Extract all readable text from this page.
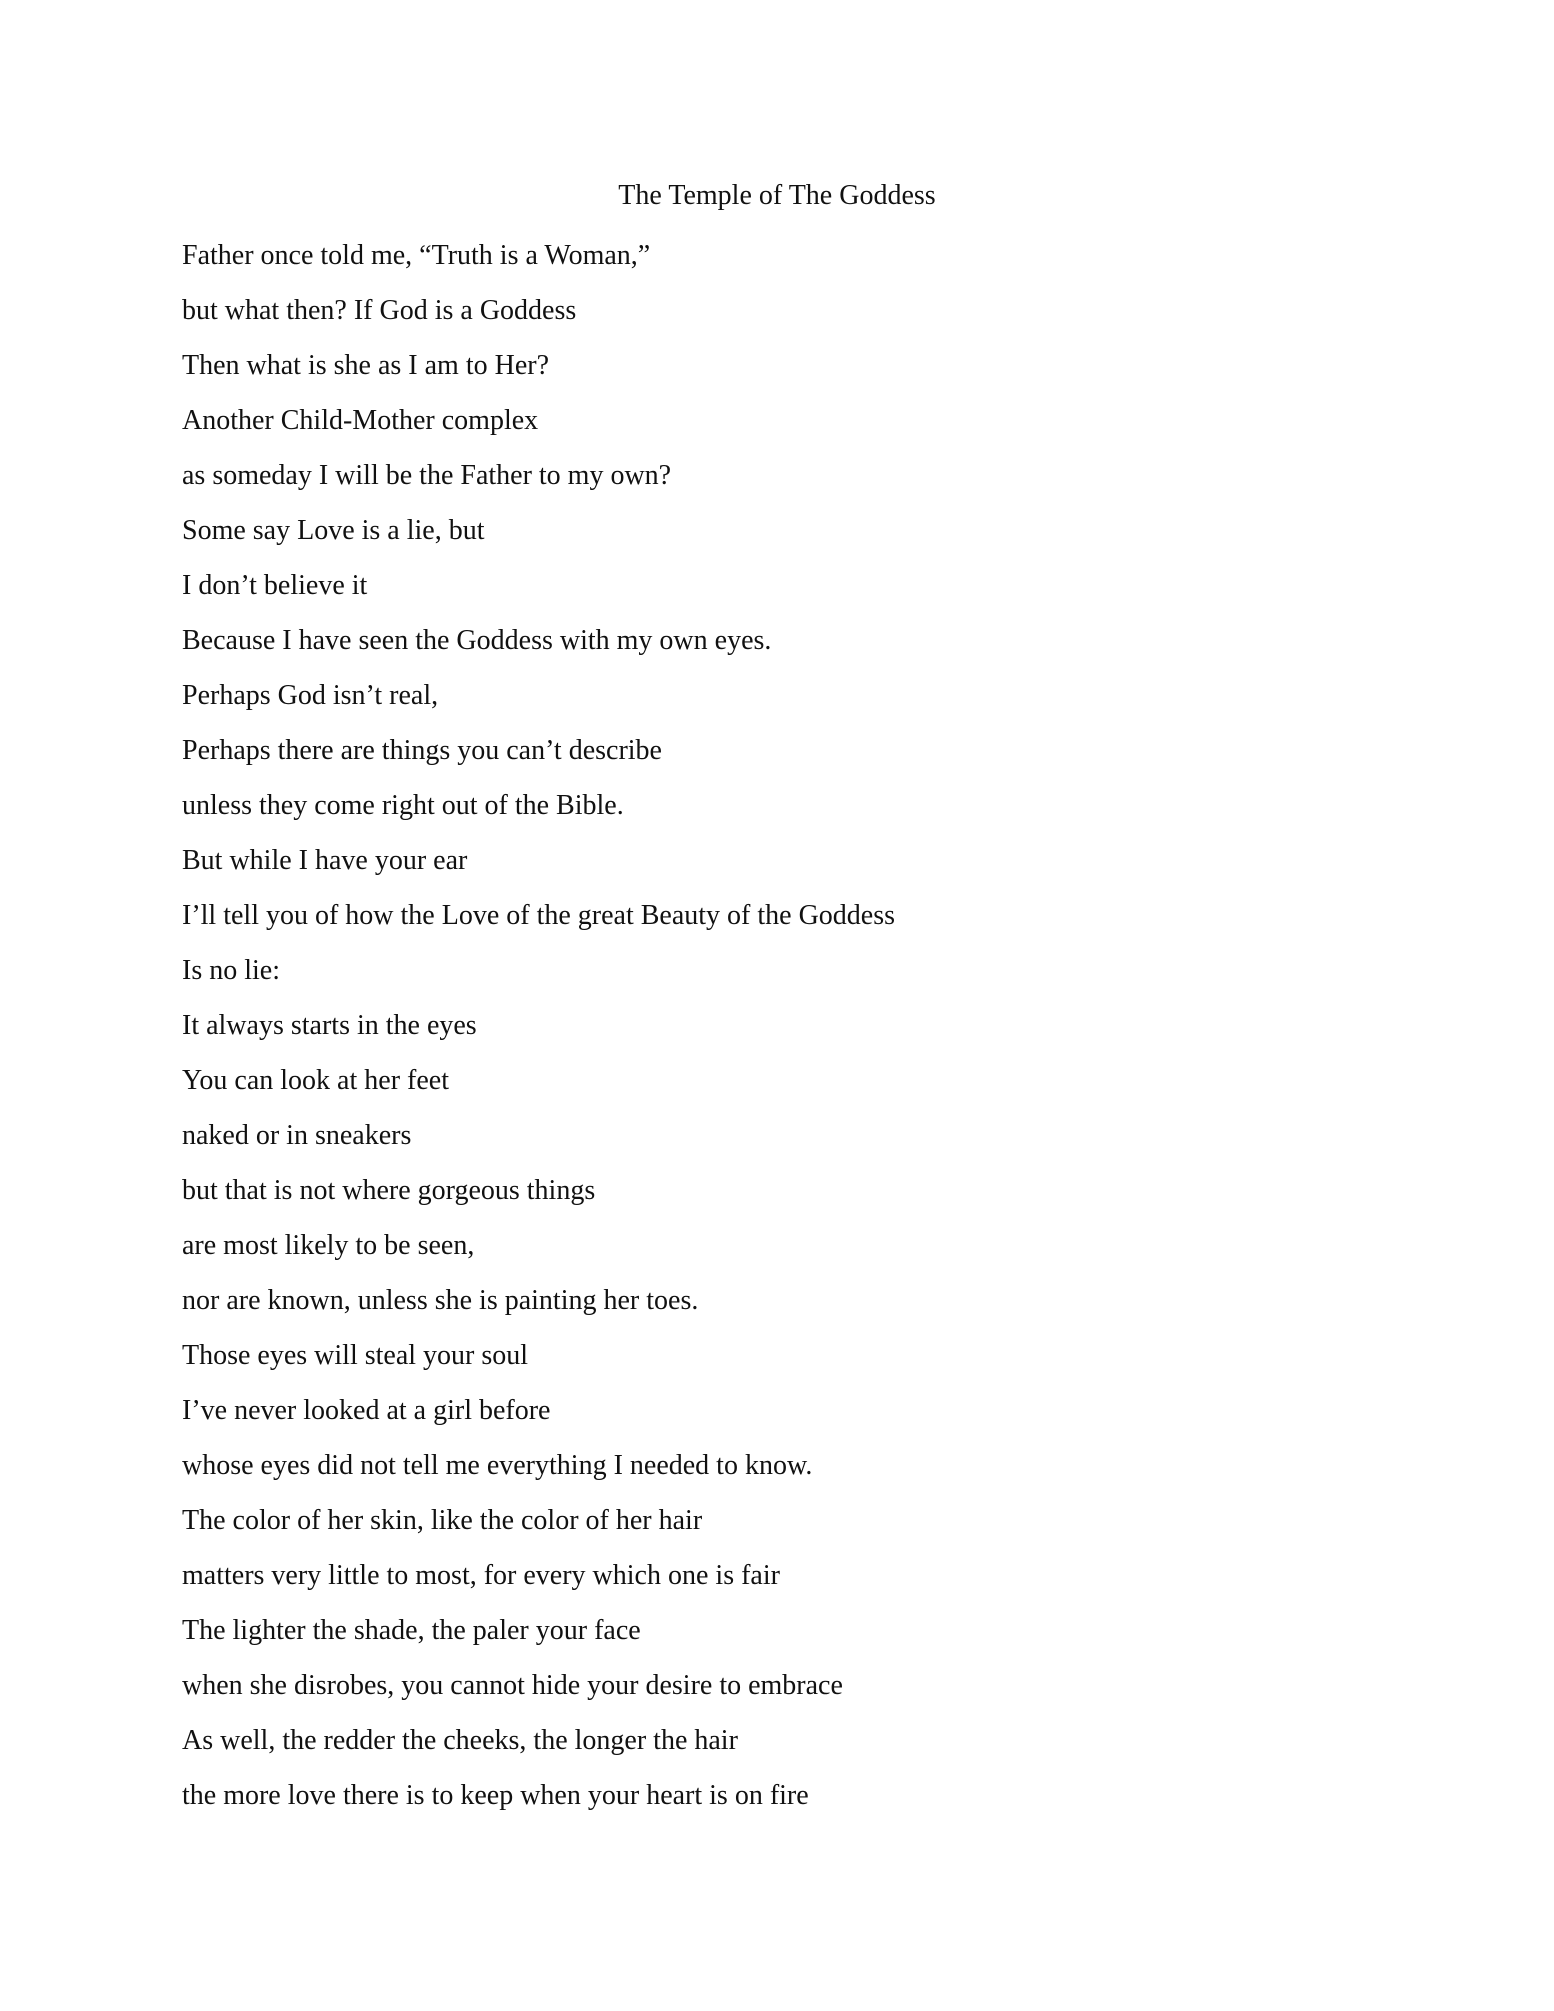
The Temple of The Goddess
Father once told me, “Truth is a Woman,”
but what then? If God is a Goddess
Then what is she as I am to Her?
Another Child-Mother complex
as someday I will be the Father to my own?
Some say Love is a lie, but
I don’t believe it
Because I have seen the Goddess with my own eyes.
Perhaps God isn’t real,
Perhaps there are things you can’t describe
unless they come right out of the Bible.
But while I have your ear
I’ll tell you of how the Love of the great Beauty of the Goddess
Is no lie:
It always starts in the eyes
You can look at her feet
naked or in sneakers
but that is not where gorgeous things
are most likely to be seen,
nor are known, unless she is painting her toes.
Those eyes will steal your soul
I’ve never looked at a girl before
whose eyes did not tell me everything I needed to know.
The color of her skin, like the color of her hair
matters very little to most, for every which one is fair
The lighter the shade, the paler your face
when she disrobes, you cannot hide your desire to embrace
As well, the redder the cheeks, the longer the hair
the more love there is to keep when your heart is on fire
